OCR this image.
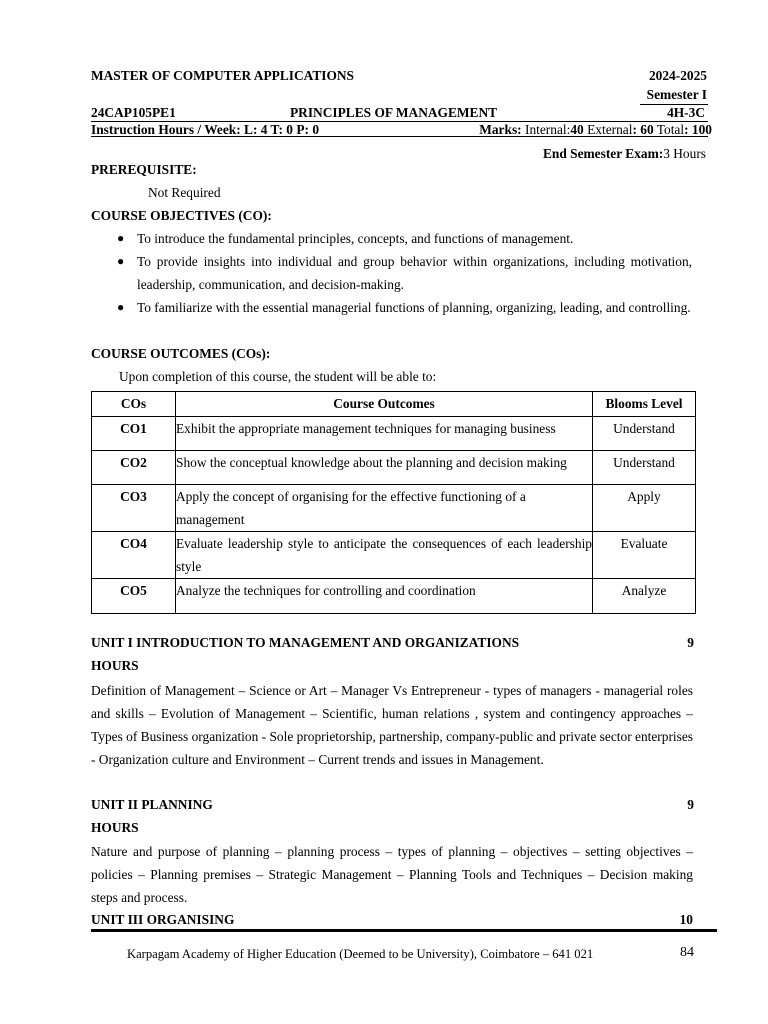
MASTER OF COMPUTER APPLICATIONS	2024-2025
Semester I
24CAP105PE1	PRINCIPLES OF MANAGEMENT	4H-3C
Instruction Hours / Week: L: 4 T: 0 P: 0	Marks: Internal:40 External: 60 Total: 100
End Semester Exam:3 Hours
PREREQUISITE:
Not Required
COURSE OBJECTIVES (CO):
● To introduce the fundamental principles, concepts, and functions of management.
● To provide insights into individual and group behavior within organizations, including motivation, leadership, communication, and decision-making.
● To familiarize with the essential managerial functions of planning, organizing, leading, and controlling.
COURSE OUTCOMES (COs):
Upon completion of this course, the student will be able to:
COs	Course Outcomes	Blooms Level
CO1	Exhibit the appropriate management techniques for managing business	Understand
CO2	Show the conceptual knowledge about the planning and decision making	Understand
CO3	Apply the concept of organising for the effective functioning of a management	Apply
CO4	Evaluate leadership style to anticipate the consequences of each leadership style	Evaluate
CO5	Analyze the techniques for controlling and coordination	Analyze
UNIT I INTRODUCTION TO MANAGEMENT AND ORGANIZATIONS	9
HOURS
Definition of Management – Science or Art – Manager Vs Entrepreneur - types of managers - managerial roles and skills – Evolution of Management – Scientific, human relations , system and contingency approaches – Types of Business organization - Sole proprietorship, partnership, company-public and private sector enterprises - Organization culture and Environment – Current trends and issues in Management.
UNIT II PLANNING	9
HOURS
Nature and purpose of planning – planning process – types of planning – objectives – setting objectives – policies – Planning premises – Strategic Management – Planning Tools and Techniques – Decision making steps and process.
UNIT III ORGANISING	10
Karpagam Academy of Higher Education (Deemed to be University), Coimbatore – 641 021	84
